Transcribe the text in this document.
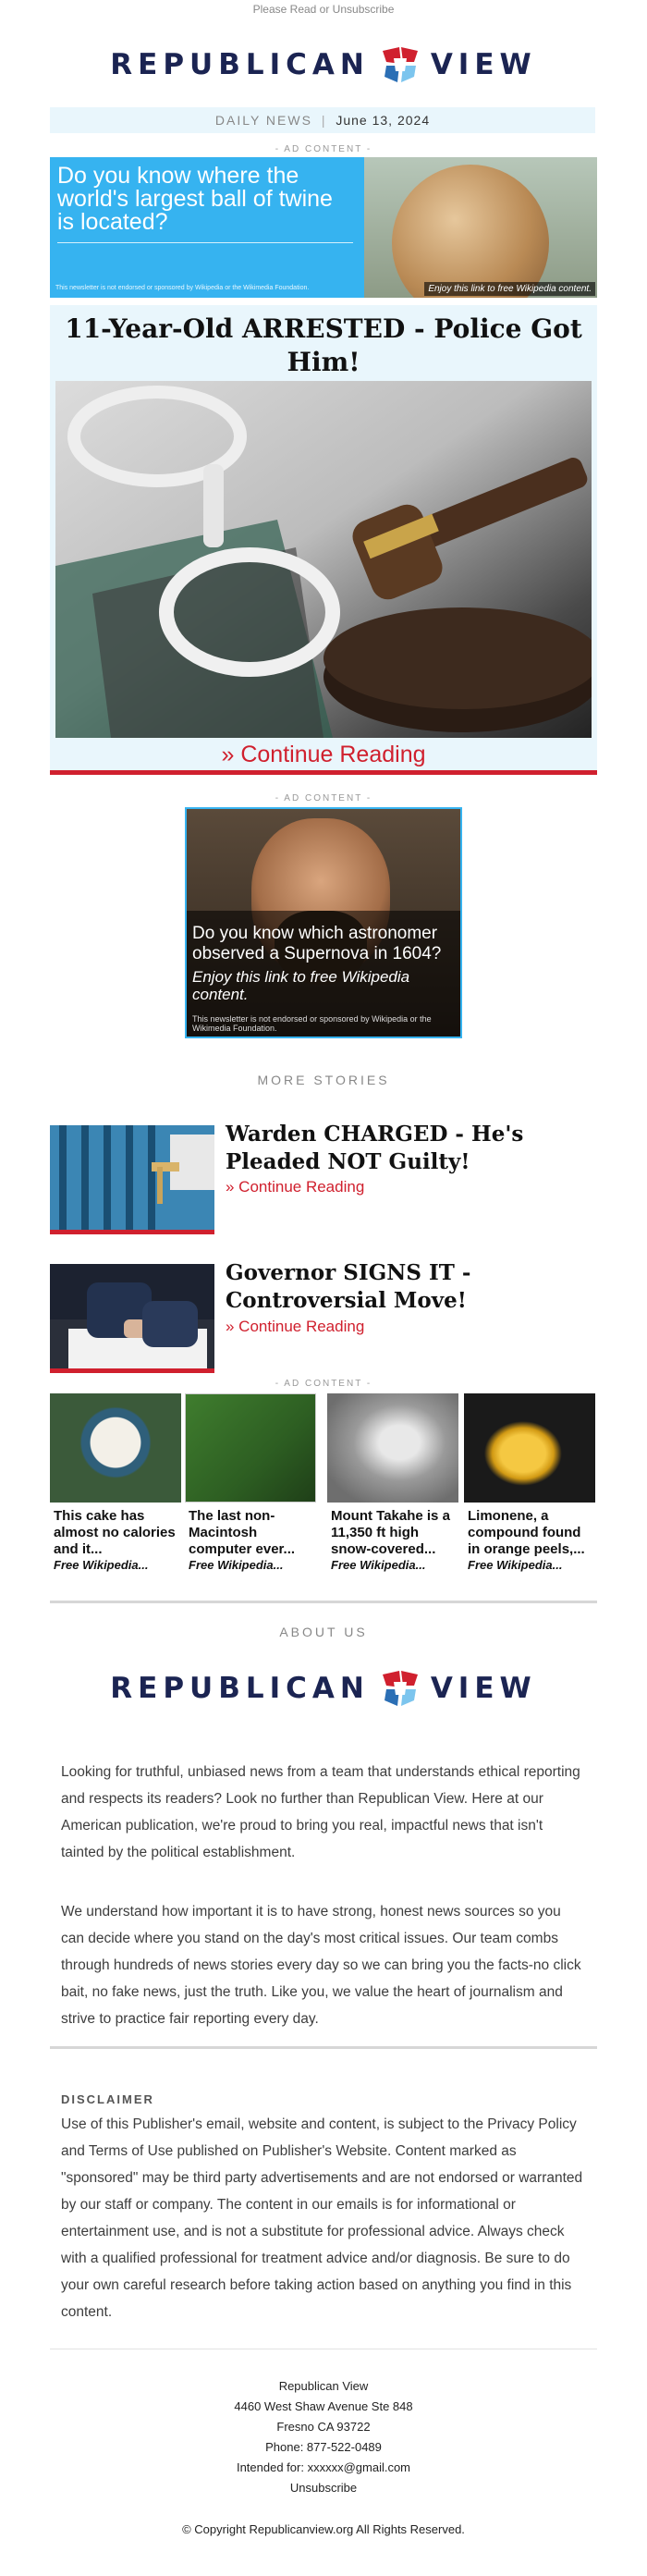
Please Read or Unsubscribe
REPUBLICAN VIEW
DAILY NEWS | June 13, 2024
- AD CONTENT -
Do you know where the world's largest ball of twine is located?
This newsletter is not endorsed or sponsored by Wikipedia or the Wikimedia Foundation.	Enjoy this link to free Wikipedia content.
11-Year-Old ARRESTED - Police Got Him!
» Continue Reading
- AD CONTENT -
Do you know which astronomer observed a Supernova in 1604?
Enjoy this link to free Wikipedia content.
This newsletter is not endorsed or sponsored by Wikipedia or the Wikimedia Foundation.
MORE STORIES
Warden CHARGED - He's Pleaded NOT Guilty!
» Continue Reading
Governor SIGNS IT - Controversial Move!
» Continue Reading
- AD CONTENT -
This cake has almost no calories and it...
Free Wikipedia...
The last non-Macintosh computer ever...
Free Wikipedia...
Mount Takahe is a 11,350 ft high snow-covered...
Free Wikipedia...
Limonene, a compound found in orange peels,...
Free Wikipedia...
ABOUT US
REPUBLICAN VIEW
Looking for truthful, unbiased news from a team that understands ethical reporting and respects its readers? Look no further than Republican View. Here at our American publication, we're proud to bring you real, impactful news that isn't tainted by the political establishment.
We understand how important it is to have strong, honest news sources so you can decide where you stand on the day's most critical issues. Our team combs through hundreds of news stories every day so we can bring you the facts-no click bait, no fake news, just the truth. Like you, we value the heart of journalism and strive to practice fair reporting every day.
DISCLAIMER
Use of this Publisher's email, website and content, is subject to the Privacy Policy and Terms of Use published on Publisher's Website. Content marked as "sponsored" may be third party advertisements and are not endorsed or warranted by our staff or company. The content in our emails is for informational or entertainment use, and is not a substitute for professional advice. Always check with a qualified professional for treatment advice and/or diagnosis. Be sure to do your own careful research before taking action based on anything you find in this content.
Republican View
4460 West Shaw Avenue Ste 848
Fresno CA 93722
Phone: 877-522-0489
Intended for: xxxxxx@gmail.com
Unsubscribe
© Copyright Republicanview.org All Rights Reserved.
